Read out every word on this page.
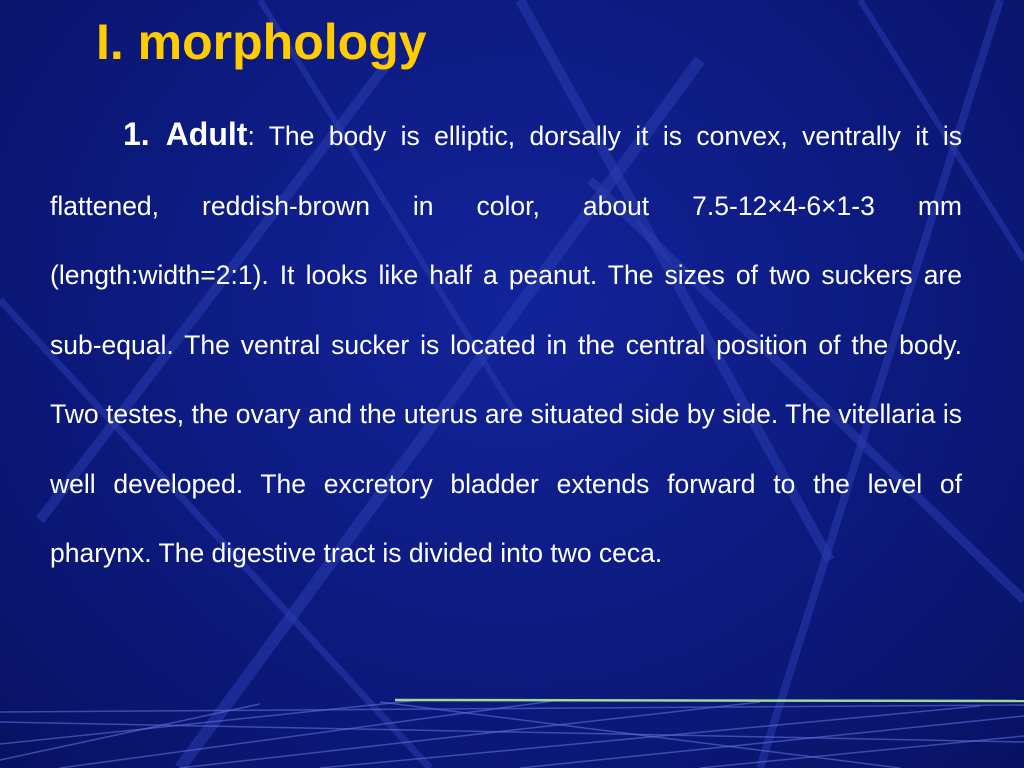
I. morphology

1. Adult: The body is elliptic, dorsally it is convex, ventrally it is flattened, reddish-brown in color, about 7.5-12×4-6×1-3 mm (length:width=2:1). It looks like half a peanut. The sizes of two suckers are sub-equal. The ventral sucker is located in the central position of the body. Two testes, the ovary and the uterus are situated side by side. The vitellaria is well developed. The excretory bladder extends forward to the level of pharynx. The digestive tract is divided into two ceca.
